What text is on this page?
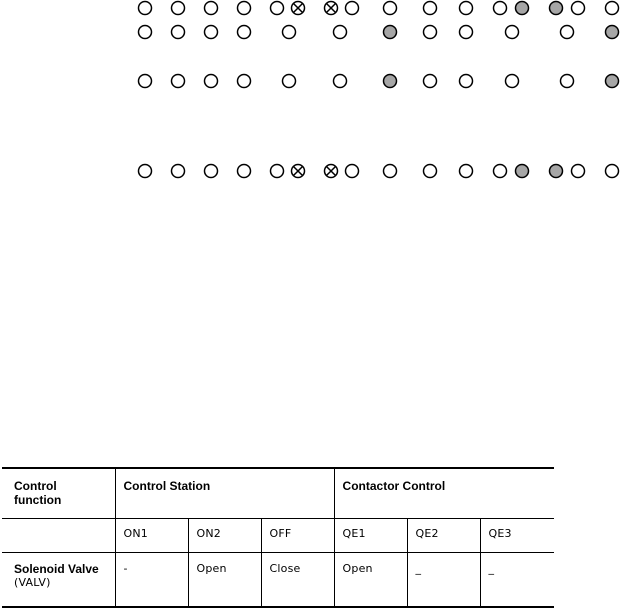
Control
function	Control Station			Contactor Control		
	ON1	ON2	OFF	QE1	QE2	QE3

Solenoid Valve
(VALV)	-	Open	Close	Open	_	_
